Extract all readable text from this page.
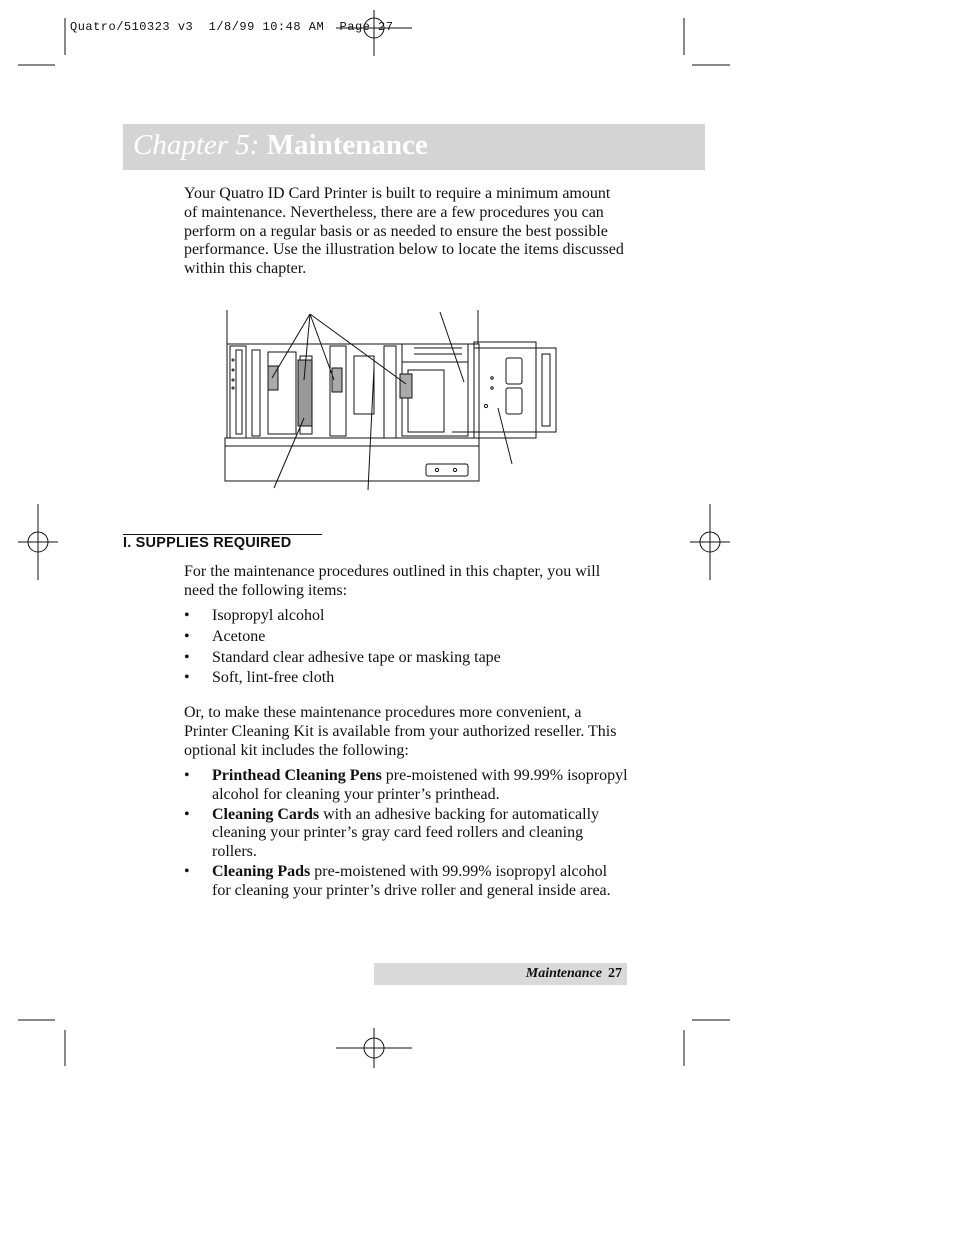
Quatro/510323 v3  1/8/99 10:48 AM  Page 27
Chapter 5: Maintenance
Your Quatro ID Card Printer is built to require a minimum amount of maintenance. Nevertheless, there are a few procedures you can perform on a regular basis or as needed to ensure the best possible performance. Use the illustration below to locate the items discussed within this chapter.
I. SUPPLIES REQUIRED
For the maintenance procedures outlined in this chapter, you will need the following items:
• Isopropyl alcohol
• Acetone
• Standard clear adhesive tape or masking tape
• Soft, lint-free cloth
Or, to make these maintenance procedures more convenient, a Printer Cleaning Kit is available from your authorized reseller. This optional kit includes the following:
• Printhead Cleaning Pens pre-moistened with 99.99% isopropyl alcohol for cleaning your printer’s printhead.
• Cleaning Cards with an adhesive backing for automatically cleaning your printer’s gray card feed rollers and cleaning rollers.
• Cleaning Pads pre-moistened with 99.99% isopropyl alcohol for cleaning your printer’s drive roller and general inside area.
Maintenance 27
